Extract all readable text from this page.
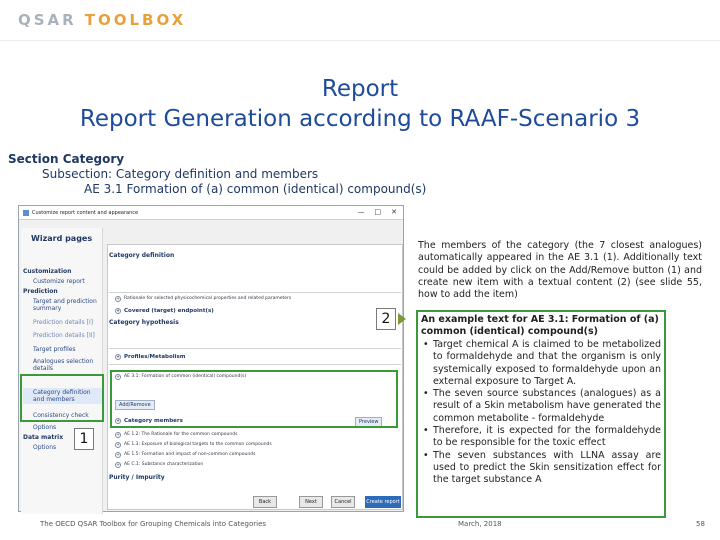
QSAR TOOLBOX
Report
Report Generation according to RAAF-Scenario 3
Section Category
Subsection: Category definition and members
AE 3.1 Formation of (a) common (identical) compound(s)
Customize report content and appearance	— □ ✕
Wizard pages
Customization
Customize report
Prediction
Target and prediction summary
Prediction details [I]
Prediction details [II]
Target profiles
Analogues selection details
Category definition and members
Consistency check
Options
Data matrix
Options
Category definition
+ Rationale for selected physicochemical properties and related parameters
+ Covered (target) endpoint(s)
Category hypothesis
+ Profiles/Metabolism
+ AE 3.1: Formation of common (identical) compound(s)
Add/Remove
+ Category members	Preview
+ AE 1.2: The Rationale for the common compounds
+ AE 1.3: Exposure of biological targets to the common compounds
+ AE 1.5: Formation and impact of non-common compounds
+ AE C.1: Substance characterization
Purity / Impurity
Back	Next	Cancel	Create report
1
2
The members of the category (the 7 closest analogues) automatically appeared in the AE 3.1 (1). Additionally text could be added by click on the Add/Remove button (1) and create new item with a textual content (2) (see slide 55, how to add the item)
An example text for AE 3.1: Formation of (a) common (identical) compound(s)
• Target chemical A is claimed to be metabolized to formaldehyde and that the organism is only systemically exposed to formaldehyde upon an external exposure to Target A.
• The seven source substances (analogues) as a result of a Skin metabolism have generated the common metabolite - formaldehyde
• Therefore, it is expected for the formaldehyde to be responsible for the toxic effect
• The seven substances with LLNA assay are used to predict the Skin sensitization effect for the target substance A
The OECD QSAR Toolbox for Grouping Chemicals into Categories	March, 2018	58
